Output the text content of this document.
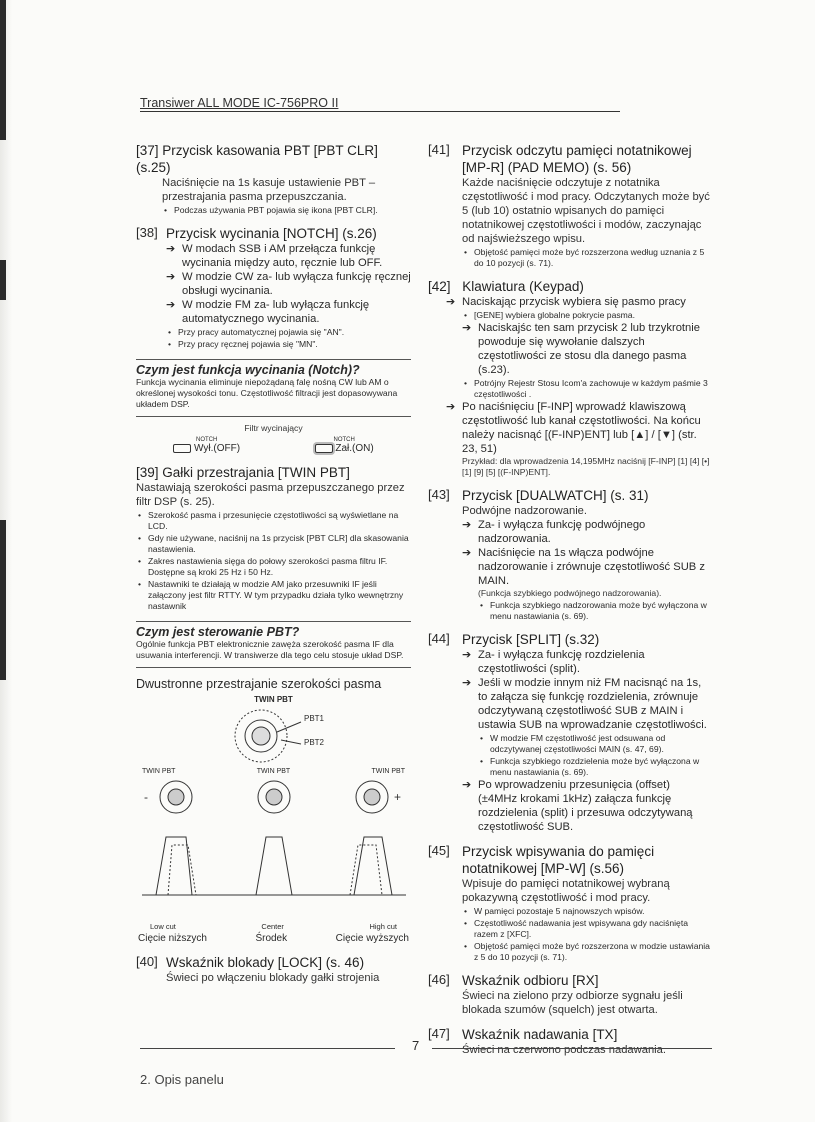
Transiwer ALL MODE IC-756PRO II
[37] Przycisk kasowania PBT [PBT CLR] (s.25)
Naciśnięcie na 1s kasuje ustawienie PBT – przestrajania pasma przepuszczania.
• Podczas używania PBT pojawia się ikona [PBT CLR].
[38] Przycisk wycinania [NOTCH] (s.26)
➔ W modach SSB i AM przełącza funkcję wycinania między auto, ręcznie lub OFF.
➔ W modzie CW za- lub wyłącza funkcję ręcznej obsługi wycinania.
➔ W modzie FM za- lub wyłącza funkcję automatycznego wycinania.
• Przy pracy automatycznej pojawia się "AN".
• Przy pracy ręcznej pojawia się "MN".
Czym jest funkcja wycinania (Notch)?
Funkcja wycinania eliminuje niepożądaną falę nośną CW lub AM o określonej wysokości tonu. Częstotliwość filtracji jest dopasowywana układem DSP.
Filtr wycinający
NOTCH
Wył.(OFF)
NOTCH
Zał.(ON)
[39] Gałki przestrajania [TWIN PBT]
Nastawiają szerokości pasma przepuszczanego przez filtr DSP (s. 25).
• Szerokość pasma i przesunięcie częstotliwości są wyświetlane na LCD.
• Gdy nie używane, naciśnij na 1s przycisk [PBT CLR] dla skasowania nastawienia.
• Zakres nastawienia sięga do połowy szerokości pasma filtru IF. Dostępne są kroki 25 Hz i 50 Hz.
• Nastawniki te działają w modzie AM jako przesuwniki IF jeśli załączony jest filtr RTTY. W tym przypadku działa tylko wewnętrzny nastawnik
Czym jest sterowanie PBT?
Ogólnie funkcja PBT elektronicznie zawęża szerokość pasma IF dla usuwania interferencji. W transiwerze dla tego celu stosuje układ DSP.
Dwustronne przestrajanie szerokości pasma
TWIN PBT
PBT1
PBT2
TWIN PBT	TWIN PBT	TWIN PBT
-	+
Low cut	Center	High cut
Cięcie niższych	Środek	Cięcie wyższych
[40] Wskaźnik blokady [LOCK] (s. 46)
Świeci po włączeniu blokady gałki strojenia
[41] Przycisk odczytu pamięci notatnikowej [MP-R] (PAD MEMO) (s. 56)
Każde naciśnięcie odczytuje z notatnika częstotliwość i mod pracy. Odczytanych może być 5 (lub 10) ostatnio wpisanych do pamięci notatnikowej częstotliwości i modów, zaczynając od najświeższego wpisu.
• Objętość pamięci może być rozszerzona według uznania z 5 do 10 pozycji (s. 71).
[42] Klawiatura (Keypad)
➔ Naciskając przycisk wybiera się pasmo pracy
• [GENE] wybiera globalne pokrycie pasma.
➔ Naciskajśc ten sam przycisk 2 lub trzykrotnie powoduje się wywołanie dalszych częstotliwości ze stosu dla danego pasma (s.23).
• Potrójny Rejestr Stosu Icom'a zachowuje w każdym paśmie 3 częstotliwości .
➔ Po naciśnięciu [F-INP] wprowadź klawiszową częstotliwość lub kanał częstotliwości. Na końcu należy nacisnąć [(F-INP)ENT] lub [▲] / [▼] (str. 23, 51)
Przykład: dla wprowadzenia 14,195MHz naciśnij [F-INP] [1] [4] [•] [1] [9] [5] [(F-INP)ENT].
[43] Przycisk [DUALWATCH] (s. 31)
Podwójne nadzorowanie.
➔ Za- i wyłącza funkcję podwójnego nadzorowania.
➔ Naciśnięcie na 1s włącza podwójne nadzorowanie i zrównuje częstotliwość SUB z MAIN.
(Funkcja szybkiego podwójnego nadzorowania).
• Funkcja szybkiego nadzorowania może być wyłączona w menu nastawiania (s. 69).
[44] Przycisk [SPLIT] (s.32)
➔ Za- i wyłącza funkcję rozdzielenia częstotliwości (split).
➔ Jeśli w modzie innym niż FM nacisnąć na 1s, to załącza się funkcję rozdzielenia, zrównuje odczytywaną częstotliwość SUB z MAIN i ustawia SUB na wprowadzanie częstotliwości.
• W modzie FM częstotliwość jest odsuwana od odczytywanej częstotliwości MAIN (s. 47, 69).
• Funkcja szybkiego rozdzielenia może być wyłączona w menu nastawiania (s. 69).
➔ Po wprowadzeniu przesunięcia (offset) (±4MHz krokami 1kHz) załącza funkcję rozdzielenia (split) i przesuwa odczytywaną częstotliwość SUB.
[45] Przycisk wpisywania do pamięci notatnikowej [MP-W] (s.56)
Wpisuje do pamięci notatnikowej wybraną pokazywną częstotliwość i mod pracy.
• W pamięci pozostaje 5 najnowszych wpisów.
• Częstotliwość nadawania jest wpisywana gdy naciśnięta razem z [XFC].
• Objętość pamięci może być rozszerzona w modzie ustawiania z 5 do 10 pozycji (s. 71).
[46] Wskaźnik odbioru [RX]
Świeci na zielono przy odbiorze sygnału jeśli blokada szumów (squelch) jest otwarta.
[47] Wskaźnik nadawania [TX]
Świeci na czerwono podczas nadawania.
7
2. Opis panelu
